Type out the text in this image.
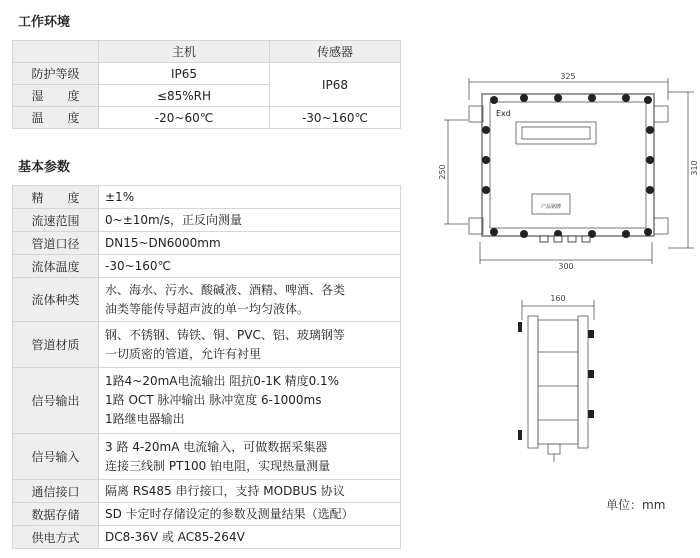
工作环境
	主机	传感器
防护等级	IP65	IP68
湿　　度	≤85%RH	
温　　度	-20~60℃	-30~160℃
基本参数
精　　度	±1%

流速范围	0~±10m/s，正反向测量

管道口径	DN15~DN6000mm

流体温度	-30~160℃

流体种类	水、海水、污水、酸碱液、酒精、啤酒、各类
油类等能传导超声波的单一均匀液体。

管道材质	钢、不锈钢、铸铁、铜、PVC、铝、玻璃钢等
一切质密的管道，允许有衬里

信号输出	1路4~20mA电流输出 阻抗0-1K 精度0.1%
1路 OCT 脉冲输出 脉冲宽度 6-1000ms
1路继电器输出

信号输入	3 路 4-20mA 电流输入，可做数据采集器
连接三线制 PT100 铂电阻，实现热量测量

通信接口	隔离 RS485 串行接口，支持 MODBUS 协议

数据存储	SD 卡定时存储设定的参数及测量结果（选配）

供电方式	DC8-36V 或 AC85-264V
325
300
250	310
Exd
产品铭牌
160
单位：mm
